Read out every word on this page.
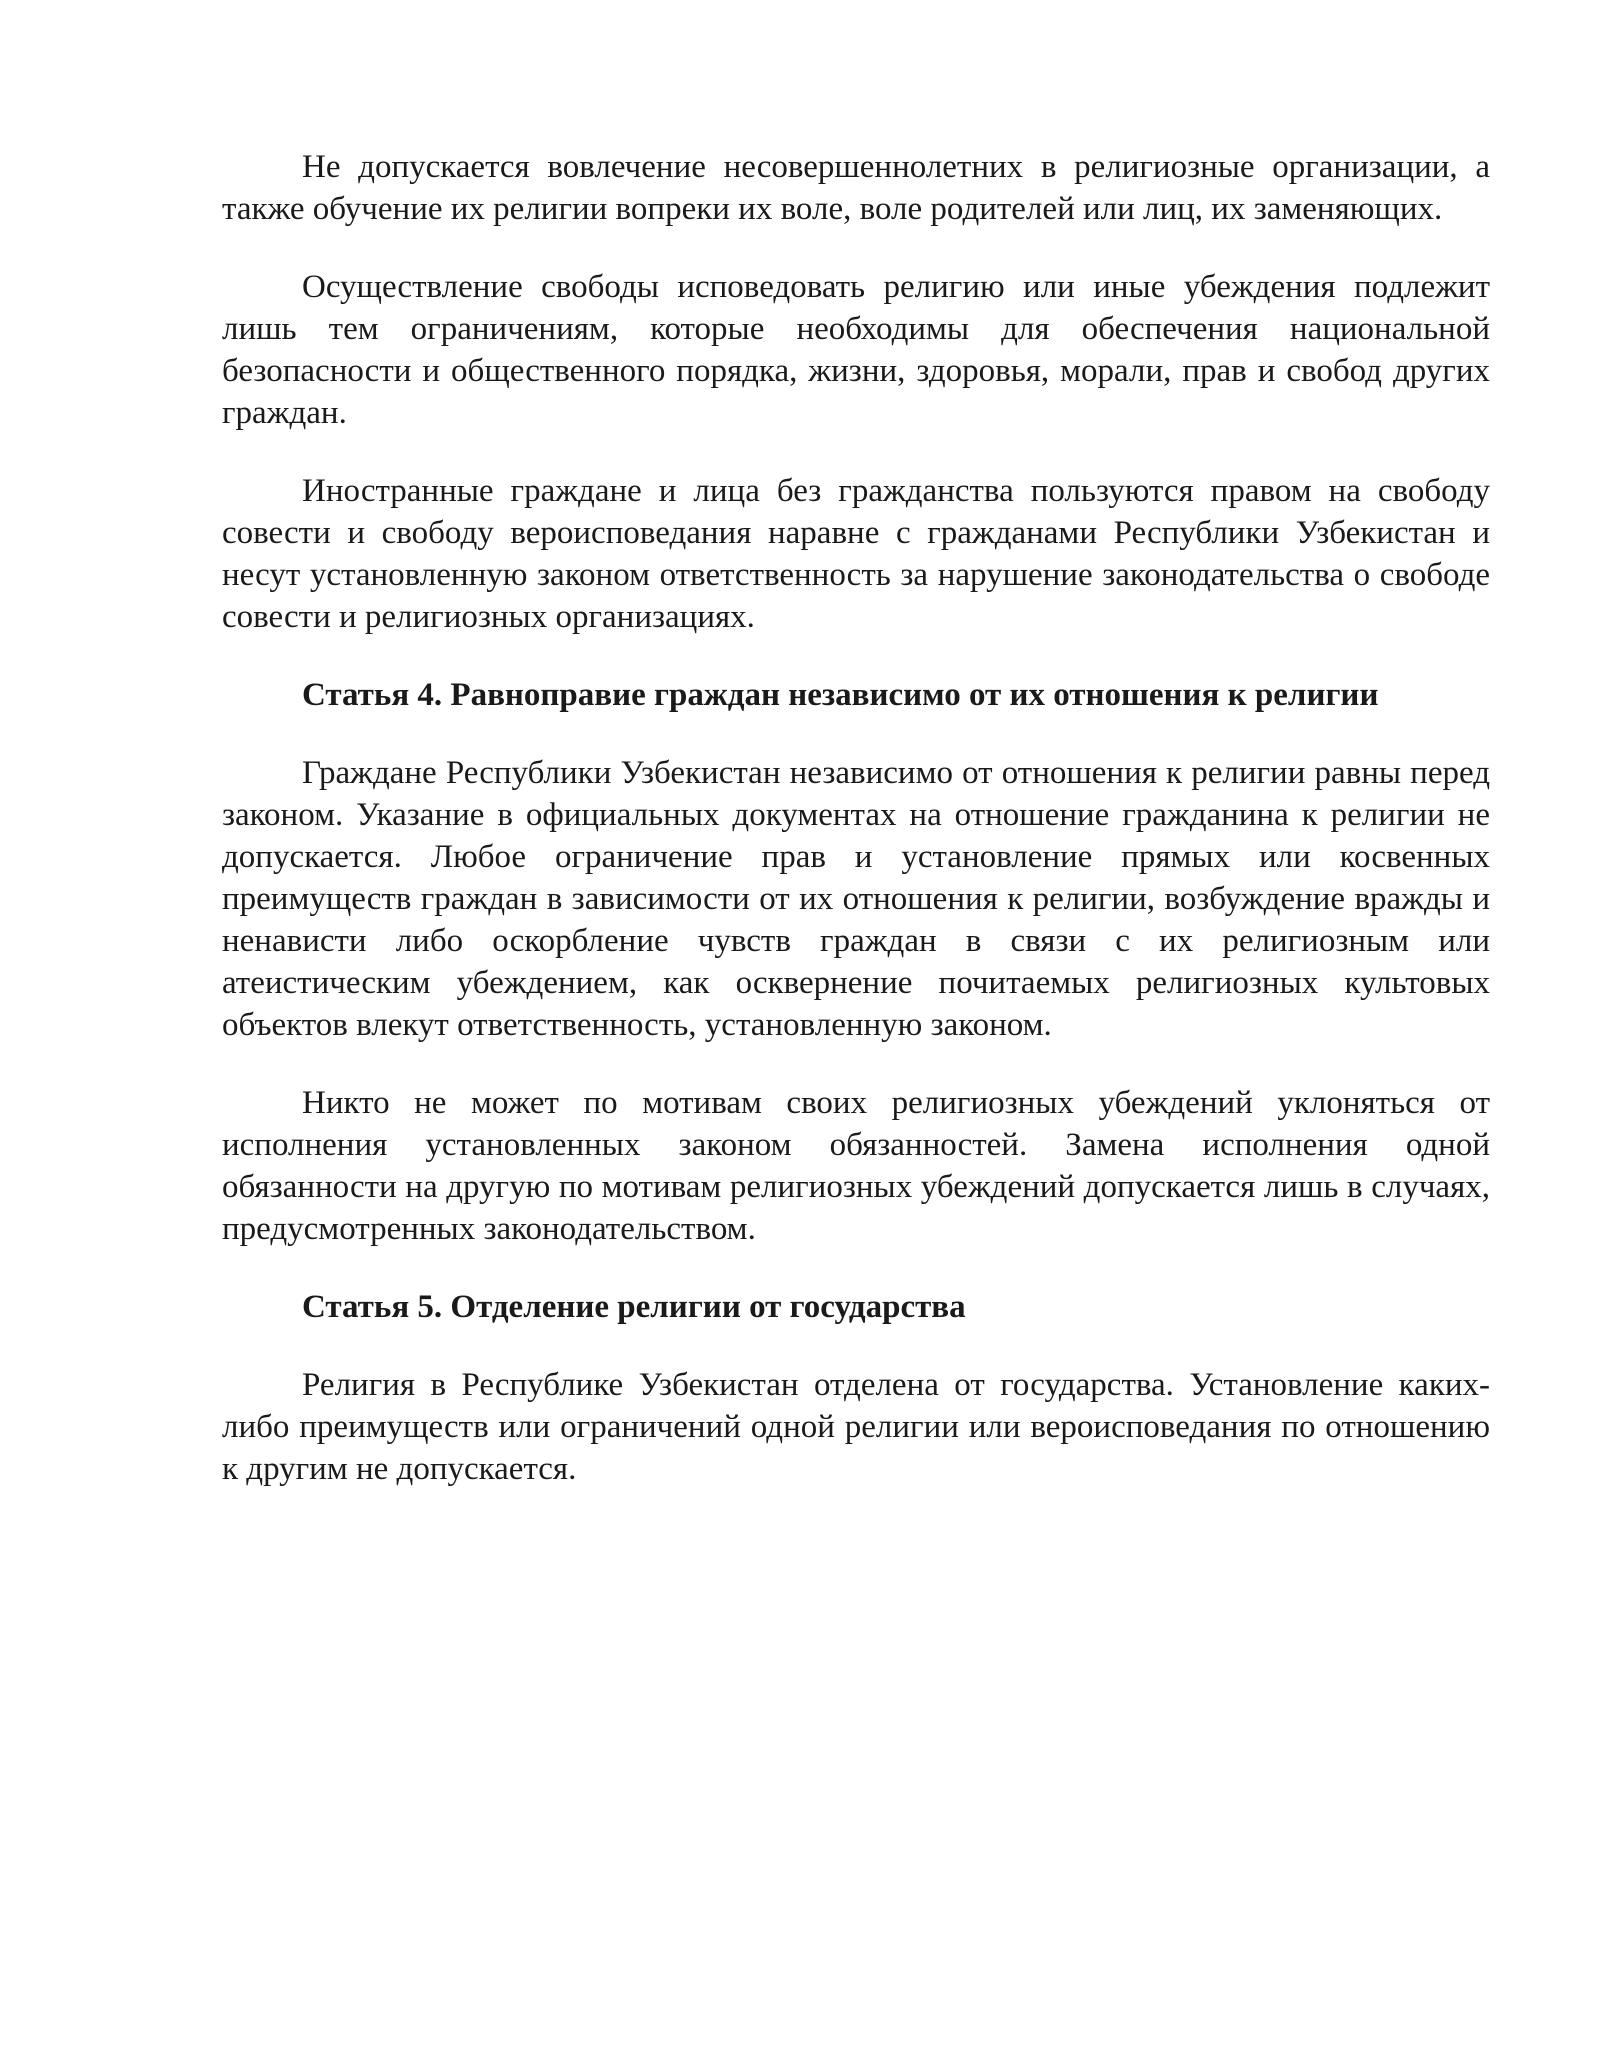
Не допускается вовлечение несовершеннолетних в религиозные организации, а также обучение их религии вопреки их воле, воле родителей или лиц, их заменяющих.

Осуществление свободы исповедовать религию или иные убеждения подлежит лишь тем ограничениям, которые необходимы для обеспечения национальной безопасности и общественного порядка, жизни, здоровья, морали, прав и свобод других граждан.

Иностранные граждане и лица без гражданства пользуются правом на свободу совести и свободу вероисповедания наравне с гражданами Республики Узбекистан и несут установленную законом ответственность за нарушение законодательства о свободе совести и религиозных организациях.

Статья 4. Равноправие граждан независимо от их отношения к религии

Граждане Республики Узбекистан независимо от отношения к религии равны перед законом. Указание в официальных документах на отношение гражданина к религии не допускается. Любое ограничение прав и установление прямых или косвенных преимуществ граждан в зависимости от их отношения к религии, возбуждение вражды и ненависти либо оскорбление чувств граждан в связи с их религиозным или атеистическим убеждением, как осквернение почитаемых религиозных культовых объектов влекут ответственность, установленную законом.

Никто не может по мотивам своих религиозных убеждений уклоняться от исполнения установленных законом обязанностей. Замена исполнения одной обязанности на другую по мотивам религиозных убеждений допускается лишь в случаях, предусмотренных законодательством.

Статья 5. Отделение религии от государства

Религия в Республике Узбекистан отделена от государства. Установление каких-либо преимуществ или ограничений одной религии или вероисповедания по отношению к другим не допускается.
